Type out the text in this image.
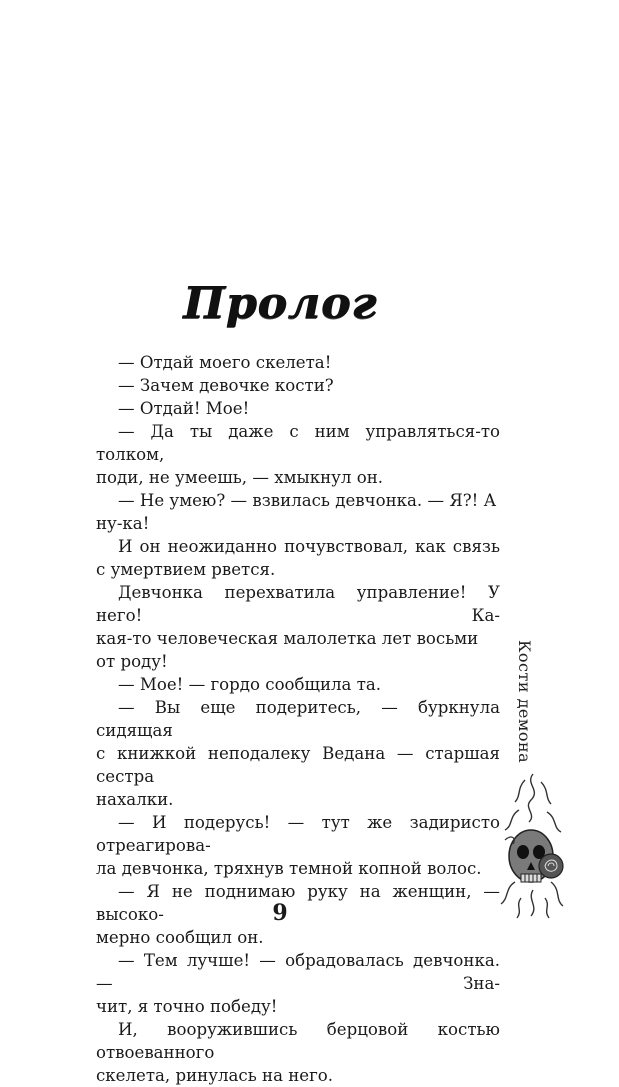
Пролог

— Отдай моего скелета!

— Зачем девочке кости?

— Отдай! Мое!

— Да ты даже с ним управляться-то толком,

поди, не умеешь, — хмыкнул он.

— Не умею? — взвилась девчонка. — Я?! А ну-ка!

И он неожиданно почувствовал, как связь

с умертвием рвется.

Девчонка перехватила управление! У него! Ка-

кая-то человеческая малолетка лет восьми от роду!

— Мое! — гордо сообщила та.

— Вы еще подеритесь, — буркнула сидящая

с книжкой неподалеку Ведана — старшая сестра

нахалки.

— И подерусь! — тут же задиристо отреагирова-

ла девчонка, тряхнув темной копной волос.

— Я не поднимаю руку на женщин, — высоко-

мерно сообщил он.

— Тем лучше! — обрадовалась девчонка. — Зна-

чит, я точно победу!

И, вооружившись берцовой костью отвоеванного

скелета, ринулась на него.

9
Кости демона
